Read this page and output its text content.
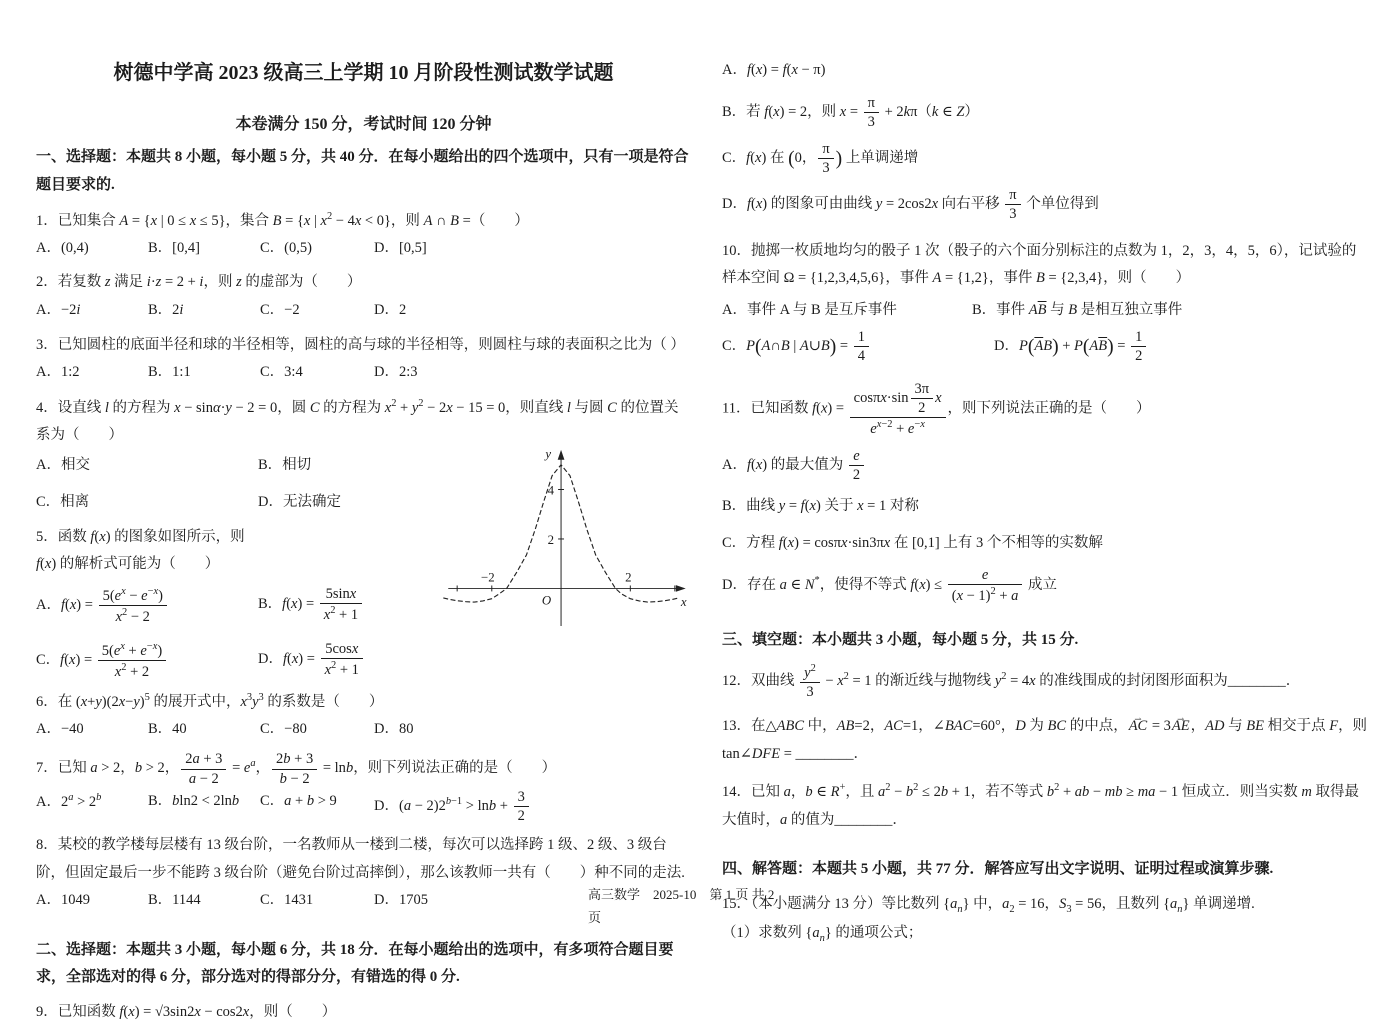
树德中学高 2023 级高三上学期 10 月阶段性测试数学试题
本卷满分 150 分，考试时间 120 分钟
一、选择题：本题共 8 小题，每小题 5 分，共 40 分．在每小题给出的四个选项中，只有一项是符合题目要求的.
1．已知集合 A = {x | 0 ≤ x ≤ 5}，集合 B = {x | $x^2 - 4x < 0$}，则 A ∩ B =（　　）
A．(0,4)	B．[0,4]	C．(0,5)	D．[0,5]
2．若复数 z 满足 i·z = 2 + i，则 z 的虚部为（　　）
A．−2i	B．2i	C．−2	D．2
3．已知圆柱的底面半径和球的半径相等，圆柱的高与球的半径相等，则圆柱与球的表面积之比为（ ）
A．1:2	B．1:1	C．3:4	D．2:3
4．设直线 l 的方程为 x − sinα·y − 2 = 0，圆 C 的方程为 $x^2 + y^2 - 2x - 15 = 0$，则直线 l 与圆 C 的位置关系为（　　）
y
x
O
4
2
−2	2
A．相交	B．相切
C．相离	D．无法确定
5．函数 f(x) 的图象如图所示，则 f(x) 的解析式可能为（　　）
A．$f(x) = \frac{5(e^x - e^{-x})}{x^2 - 2}$	B．$f(x) = \frac{5\sin x}{x^2 + 1}$
C．$f(x) = \frac{5(e^x + e^{-x})}{x^2 + 2}$	D．$f(x) = \frac{5\cos x}{x^2 + 1}$
6．在 $(x+y)(2x-y)^5$ 的展开式中，$x^3y^3$ 的系数是（　　）
A．−40	B．40	C．−80	D．80
7．已知 a > 2，b > 2， $\frac{2a + 3}{a - 2} = e^a$， $\frac{2b + 3}{b - 2} = \ln b$，则下列说法正确的是（　　）
A．$2^a > 2^b$	B．bln2 < 2lnb	C．a + b > 9	D．$(a - 2)2^{b-1} > \ln b + \frac{3}{2}$
8．某校的教学楼每层楼有 13 级台阶，一名教师从一楼到二楼，每次可以选择跨 1 级、2 级、3 级台阶，但固定最后一步不能跨 3 级台阶（避免台阶过高摔倒），那么该教师一共有（　　）种不同的走法.
A．1049	B．1144	C．1431	D．1705
二、选择题：本题共 3 小题，每小题 6 分，共 18 分．在每小题给出的选项中，有多项符合题目要求，全部选对的得 6 分，部分选对的得部分分，有错选的得 0 分.
9．已知函数 f(x) = √3sin2x − cos2x，则（　　）
A．f(x) = f(x − π)
B．若 f(x) = 2，则 $x = \frac{\pi}{3} + 2k\pi(k$ ∈ Z）
C．f(x) 在 (0， $\frac{\pi}{3}$ ) 上单调递增
D．f(x) 的图象可由曲线 y = 2cos2x 向右平移 $\frac{\pi}{3}$ 个单位得到
10．抛掷一枚质地均匀的骰子 1 次（骰子的六个面分别标注的点数为 1，2，3，4，5，6），记试验的样本空间 Ω = {1,2,3,4,5,6}，事件 A = {1,2}，事件 B = {2,3,4}，则（　　）
A．事件 A 与 B 是互斥事件	B．事件 $A\overline{B}$ 与 B 是相互独立事件
C．P(A∩B | A∪B) = $\frac{1}{4}$	D．$P(\overline{A}B) + P(A\overline{B}) = \frac{1}{2}$
11．已知函数 $f(x) = \frac{\cos\pi x\cdot\sin \frac{3\pi}{2} x}{e^{x-2} + e^{-x}}$ ，则下列说法正确的是（　　）
A．f(x) 的最大值为 $\frac{e}{2}$
B．曲线 y = f(x) 关于 x = 1 对称
C．方程 f(x) = cosπx·sin3πx 在 [0,1] 上有 3 个不相等的实数解
D．存在 a ∈ N*，使得不等式 $f(x) \le \frac{e}{(x - 1)^2 + a}$ 成立
三、填空题：本小题共 3 小题，每小题 5 分，共 15 分.
12．双曲线 $\frac{y^2}{3} - x^2 = 1$ 的渐近线与抛物线 $y^2 = 4x$ 的准线围成的封闭图形面积为________．
13．在△ABC 中，AB=2，AC=1，∠BAC=60°，D 为 BC 的中点，⇀ AC = 3⇀ AE，AD 与 BE 相交于点 F，则 tan∠DFE = ________．
14．已知 a，b ∈ R+，且 $a^2 - b^2 \le 2b + 1$，若不等式 $b^2$ + ab − mb ≥ ma − 1 恒成立．则当实数 m 取得最大值时，a 的值为________．
四、解答题：本题共 5 小题，共 77 分．解答应写出文字说明、证明过程或演算步骤.
15．（本小题满分 13 分）等比数列 $\{a_n\}$ 中，$a_2 = 16$，$S_3 = 56$，且数列 $\{a_n\}$ 单调递增.
（1）求数列 $\{a_n\}$ 的通项公式；
高三数学　2025-10　第 1 页 共 2 页
